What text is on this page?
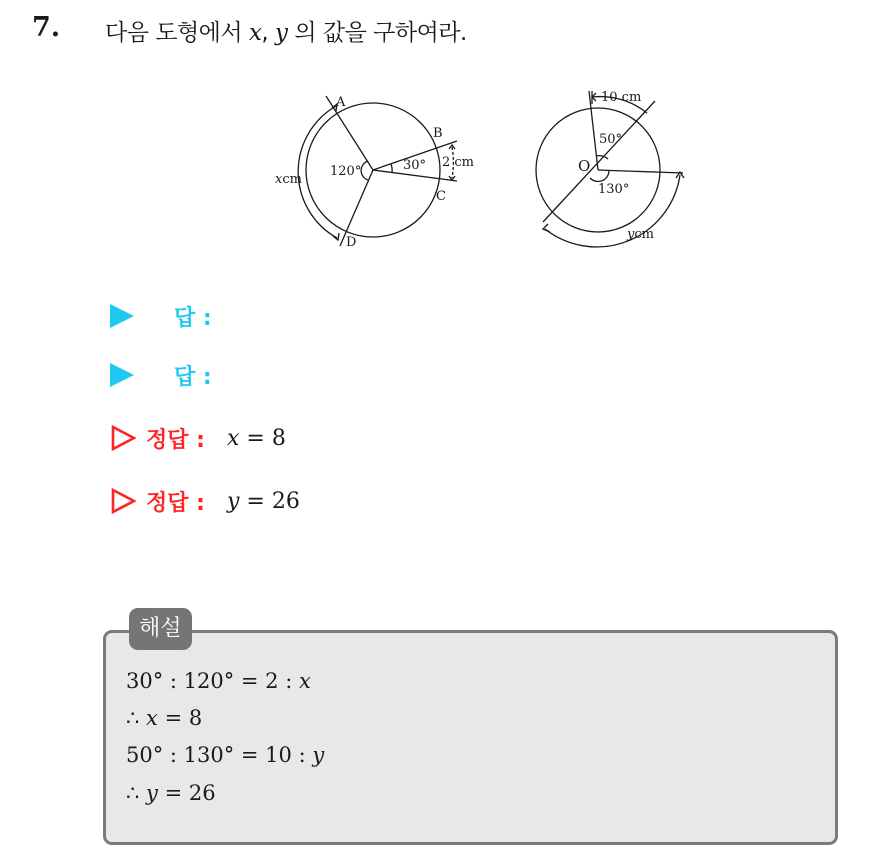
7. 다음 도형에서 x, y 의 값을 구하여라.
A
B
C
D
120°	30° 2 cm
xcm
O
10 cm
50°
130°
ycm
답 :
답 :
정답 : x = 8
정답 : y = 26
해설
30° : 120° = 2 : x
∴ x = 8
50° : 130° = 10 : y
∴ y = 26
